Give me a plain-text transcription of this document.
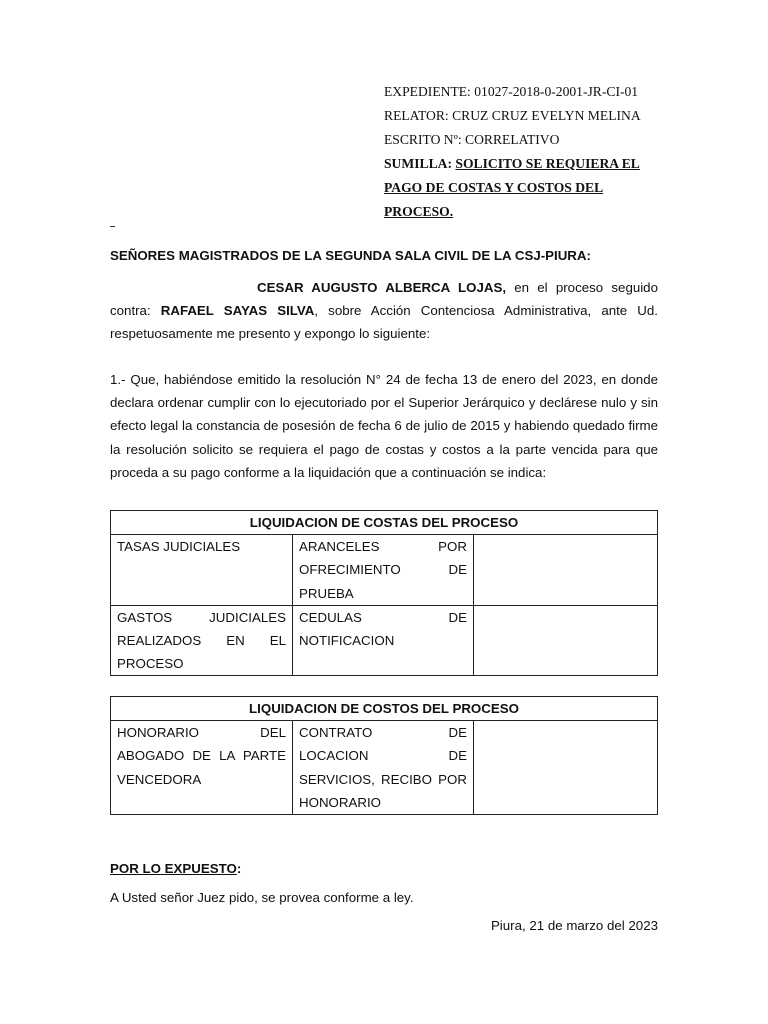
EXPEDIENTE: 01027-2018-0-2001-JR-CI-01
RELATOR: CRUZ CRUZ EVELYN MELINA
ESCRITO Nº: CORRELATIVO
SUMILLA: SOLICITO SE REQUIERA EL
PAGO DE COSTAS Y COSTOS DEL
PROCESO.
SEÑORES MAGISTRADOS DE LA SEGUNDA SALA CIVIL DE LA CSJ-PIURA:
CESAR AUGUSTO ALBERCA LOJAS, en el proceso seguido contra: RAFAEL SAYAS SILVA, sobre Acción Contenciosa Administrativa, ante Ud. respetuosamente me presento y expongo lo siguiente:
1.- Que, habiéndose emitido la resolución N° 24 de fecha 13 de enero del 2023, en donde declara ordenar cumplir con lo ejecutoriado por el Superior Jerárquico y declárese nulo y sin efecto legal la constancia de posesión de fecha 6 de julio de 2015 y habiendo quedado firme la resolución solicito se requiera el pago de costas y costos a la parte vencida para que proceda a su pago conforme a la liquidación que a continuación se indica:
LIQUIDACION DE COSTAS DEL PROCESO		
TASAS JUDICIALES	ARANCELES POR OFRECIMIENTO DE PRUEBA	
GASTOS JUDICIALES REALIZADOS EN EL PROCESO	CEDULAS DE NOTIFICACION	
LIQUIDACION DE COSTOS DEL PROCESO
HONORARIO DEL ABOGADO DE LA PARTE VENCEDORA	CONTRATO DE LOCACION DE SERVICIOS, RECIBO POR HONORARIO	
POR LO EXPUESTO:
A Usted señor Juez pido, se provea conforme a ley.
Piura, 21 de marzo del 2023
